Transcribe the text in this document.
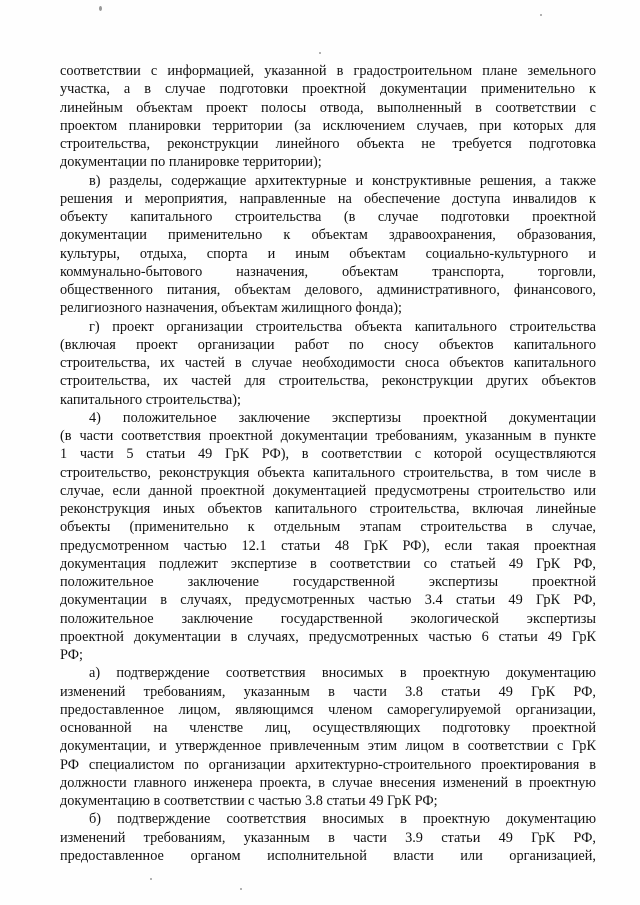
соответствии с информацией, указанной в градостроительном плане земельного

участка, а в случае подготовки проектной документации применительно к

линейным объектам проект полосы отвода, выполненный в соответствии с

проектом планировки территории (за исключением случаев, при которых для

строительства, реконструкции линейного объекта не требуется подготовка

документации по планировке территории);

в) разделы, содержащие архитектурные и конструктивные решения, а также

решения и мероприятия, направленные на обеспечение доступа инвалидов к

объекту капитального строительства (в случае подготовки проектной

документации применительно к объектам здравоохранения, образования,

культуры, отдыха, спорта и иным объектам социально-культурного и

коммунально-бытового назначения, объектам транспорта, торговли,

общественного питания, объектам делового, административного, финансового,

религиозного назначения, объектам жилищного фонда);

г) проект организации строительства объекта капитального строительства

(включая проект организации работ по сносу объектов капитального

строительства, их частей в случае необходимости сноса объектов капитального

строительства, их частей для строительства, реконструкции других объектов

капитального строительства);

4) положительное заключение экспертизы проектной документации

(в части соответствия проектной документации требованиям, указанным в пункте

1 части 5 статьи 49 ГрК РФ), в соответствии с которой осуществляются

строительство, реконструкция объекта капитального строительства, в том числе в

случае, если данной проектной документацией предусмотрены строительство или

реконструкция иных объектов капитального строительства, включая линейные

объекты (применительно к отдельным этапам строительства в случае,

предусмотренном частью 12.1 статьи 48 ГрК РФ), если такая проектная

документация подлежит экспертизе в соответствии со статьей 49 ГрК РФ,

положительное заключение государственной экспертизы проектной

документации в случаях, предусмотренных частью 3.4 статьи 49 ГрК РФ,

положительное заключение государственной экологической экспертизы

проектной документации в случаях, предусмотренных частью 6 статьи 49 ГрК

РФ;

а) подтверждение соответствия вносимых в проектную документацию

изменений требованиям, указанным в части 3.8 статьи 49 ГрК РФ,

предоставленное лицом, являющимся членом саморегулируемой организации,

основанной на членстве лиц, осуществляющих подготовку проектной

документации, и утвержденное привлеченным этим лицом в соответствии с ГрК

РФ специалистом по организации архитектурно-строительного проектирования в

должности главного инженера проекта, в случае внесения изменений в проектную

документацию в соответствии с частью 3.8 статьи 49 ГрК РФ;

б) подтверждение соответствия вносимых в проектную документацию

изменений требованиям, указанным в части 3.9 статьи 49 ГрК РФ,

предоставленное органом исполнительной власти или организацией,
